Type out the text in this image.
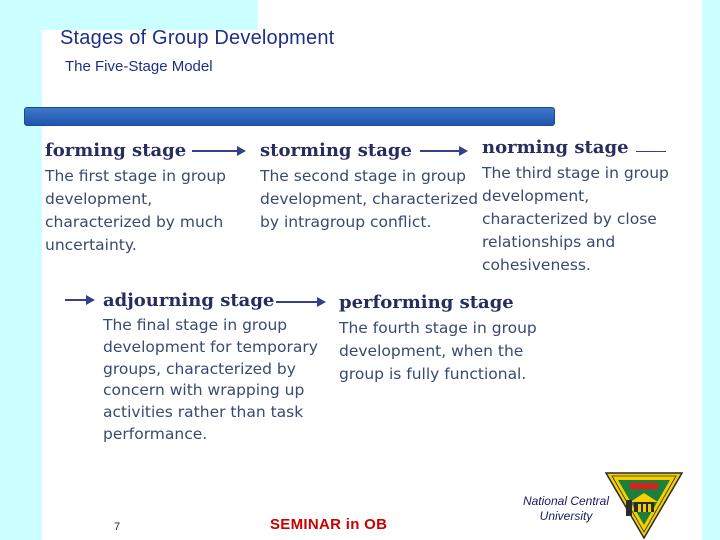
Stages of Group Development
The Five-Stage Model
forming stage
The first stage in group development, characterized by much uncertainty.
storming stage
The second stage in group development, characterized by intragroup conflict.
norming stage
The third stage in group development, characterized by close relationships and cohesiveness.
adjourning stage
The final stage in group development for temporary groups, characterized by concern with wrapping up activities rather than task performance.
performing stage
The fourth stage in group development, when the group is fully functional.
7	SEMINAR in OB
National Central University
